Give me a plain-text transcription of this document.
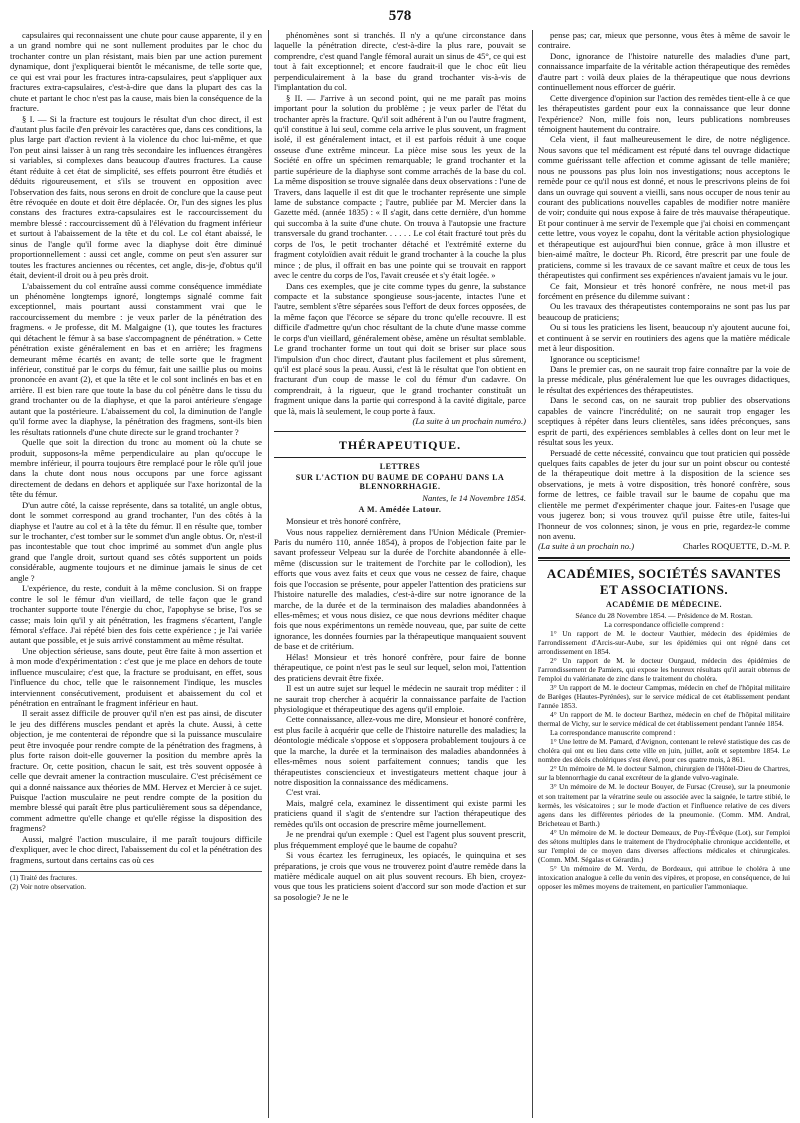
578

capsulaires qui reconnaissent une chute pour cause apparente, il y en a un grand nombre qui ne sont nullement produites par le choc du trochanter contre un plan résistant, mais bien par une action purement dynamique, dont j'expliquerai bientôt le mécanisme, de telle sorte que, ce qui est vrai pour les fractures intra-capsulaires, peut s'appliquer aux fractures extra-capsulaires, c'est-à-dire que dans la plupart des cas la chute et partant le choc n'est pas la cause, mais bien la conséquence de la fracture.

§ I. — Si la fracture est toujours le résultat d'un choc direct, il est d'autant plus facile d'en prévoir les caractères que, dans ces conditions, la plus large part d'action revient à la violence du choc lui-même, et que l'on peut ainsi laisser à un rang très secondaire les influences étrangères si variables, si complexes dans beaucoup d'autres fractures. La cause étant réduite à cet état de simplicité, ses effets pourront être étudiés et déduits rigoureusement, et s'ils se trouvent en opposition avec l'observation des faits, nous serons en droit de conclure que la cause peut être révoquée en doute et doit être déplacée. Or, l'un des signes les plus constans des fractures extra-capsulaires est le raccourcissement du membre blessé : raccourcissement dû à l'élévation du fragment inférieur et surtout à l'abaissement de la tête et du col. Le col étant abaissé, le sinus de l'angle qu'il forme avec la diaphyse doit être diminué proportionnellement : aussi cet angle, comme on peut s'en assurer sur toutes les fractures anciennes ou récentes, cet angle, dis-je, d'obtus qu'il était, devient-il droit ou à peu près droit.

L'abaissement du col entraîne aussi comme conséquence immédiate un phénomène longtemps ignoré, longtemps signalé comme fait exceptionnel, mais pourtant aussi constamment vrai que le raccourcissement du membre : je veux parler de la pénétration des fragmens. « Je professe, dit M. Malgaigne (1), que toutes les fractures qui détachent le fémur à sa base s'accompagnent de pénétration. » Cette pénétration existe généralement en bas et en arrière; les fragmens demeurant même écartés en avant; de telle sorte que le fragment inférieur, constitué par le corps du fémur, fait une saillie plus ou moins prononcée en avant (2), et que la tête et le col sont inclinés en bas et en arrière. Il est bien rare que toute la base du col pénètre dans le tissu du grand trochanter ou de la diaphyse, et que la paroi antérieure s'engage autant que la postérieure. L'abaissement du col, la diminution de l'angle qu'il forme avec la diaphyse, la pénétration des fragmens, sont-ils bien les résultats rationnels d'une chute directe sur le grand trochanter ?

Quelle que soit la direction du tronc au moment où la chute se produit, supposons-la même perpendiculaire au plan qu'occupe le membre inférieur, il pourra toujours être remplacé pour le rôle qu'il joue dans la chute dont nous nous occupons par une force agissant directement de dedans en dehors et appliquée sur l'axe horizontal de la tête du fémur.

D'un autre côté, la caisse représente, dans sa totalité, un angle obtus, dont le sommet correspond au grand trochanter, l'un des côtés à la diaphyse et l'autre au col et à la tête du fémur. Il en résulte que, tomber sur le trochanter, c'est tomber sur le sommet d'un angle obtus. Or, n'est-il pas incontestable que tout choc imprimé au sommet d'un angle plus grand que l'angle droit, surtout quand ses côtés supportent un poids considérable, augmente toujours et ne diminue jamais le sinus de cet angle ?

L'expérience, du reste, conduit à la même conclusion. Si on frappe contre le sol le fémur d'un vieillard, de telle façon que le grand trochanter supporte toute l'énergie du choc, l'apophyse se brise, l'os se casse; mais loin qu'il y ait pénétration, les fragmens s'écartent, l'angle fémoral s'efface. J'ai répété bien des fois cette expérience ; je l'ai variée autant que possible, et je suis arrivé constamment au même résultat.

Une objection sérieuse, sans doute, peut être faite à mon assertion et à mon mode d'expérimentation : c'est que je me place en dehors de toute influence musculaire; c'est que, la fracture se produisant, en effet, sous l'influence du choc, telle que le raisonnement l'indique, les muscles interviennent consécutivement, produisent et abaissement du col et pénétration en entraînant le fragment inférieur en haut.

Il serait assez difficile de prouver qu'il n'en est pas ainsi, de discuter le jeu des différens muscles pendant et après la chute. Aussi, à cette objection, je me contenterai de répondre que si la puissance musculaire peut être invoquée pour rendre compte de la pénétration des fragmens, à plus forte raison doit-elle gouverner la position du membre après la fracture. Or, cette position, chacun le sait, est très souvent opposée à celle que devrait amener la contraction musculaire. C'est précisément ce qui a donné naissance aux théories de MM. Hervez et Mercier à ce sujet. Puisque l'action musculaire ne peut rendre compte de la position du membre blessé qui paraît être plus particulièrement sous sa dépendance, comment admettre qu'elle change et qu'elle régisse la disposition des fragmens?

Aussi, malgré l'action musculaire, il me paraît toujours difficile d'expliquer, avec le choc direct, l'abaissement du col et la pénétration des fragmens, surtout dans certains cas où ces

(1) Traité des fractures.

(2) Voir notre observation.

phénomènes sont si tranchés. Il n'y a qu'une circonstance dans laquelle la pénétration directe, c'est-à-dire la plus rare, pouvait se comprendre, c'est quand l'angle fémoral aurait un sinus de 45°, ce qui est tout à fait exceptionnel; et encore faudrait-il que le choc eût lieu perpendiculairement à la base du grand trochanter vis-à-vis de l'implantation du col.

§ II. — J'arrive à un second point, qui ne me paraît pas moins important pour la solution du problème ; je veux parler de l'état du trochanter après la fracture. Qu'il soit adhérent à l'un ou l'autre fragment, qu'il constitue à lui seul, comme cela arrive le plus souvent, un fragment isolé, il est généralement intact, et il est parfois réduit à une coque osseuse d'une extrême minceur. La pièce mise sous les yeux de la Société en offre un spécimen remarquable; le grand trochanter et la partie supérieure de la diaphyse sont comme arrachés de la base du col. La même disposition se trouve signalée dans deux observations : l'une de Travers, dans laquelle il est dit que le trochanter représente une simple lame de substance compacte ; l'autre, publiée par M. Mercier dans la Gazette méd. (année 1835) : « Il s'agit, dans cette dernière, d'un homme qui succomba à la suite d'une chute. On trouva à l'autopsie une fracture transversale du grand trochanter. . . . . . Le col était fracturé tout près du corps de l'os, le petit trochanter détaché et l'extrémité externe du fragment cotyloïdien avait réduit le grand trochanter à la couche la plus mince ; de plus, il offrait en bas une pointe qui se trouvait en rapport avec le centre du corps de l'os, l'avait creusée et s'y était logée. »

Dans ces exemples, que je cite comme types du genre, la substance compacte et la substance spongieuse sous-jacente, intactes l'une et l'autre, semblent s'être séparées sous l'effort de deux forces opposées, de la même façon que l'écorce se sépare du tronc qu'elle recouvre. Il est difficile d'admettre qu'un choc résultant de la chute d'une masse comme le corps d'un vieillard, généralement obèse, amène un résultat semblable. Le grand trochanter forme un tout qui doit se briser sur place sous l'impulsion d'un choc direct, d'autant plus facilement et plus sûrement, qu'il est placé sous la peau. Aussi, c'est là le résultat que l'on obtient en fracturant d'un coup de masse le col du fémur d'un cadavre. On comprendrait, à la rigueur, que le grand trochanter constituât un fragment unique dans la partie qui correspond à la cavité digitale, parce que là, mais là seulement, le coup porte à faux.

(La suite à un prochain numéro.)

THÉRAPEUTIQUE.
LETTRES
SUR L'ACTION DU BAUME DE COPAHU DANS LA BLENNORRHAGIE.

Nantes, le 14 Novembre 1854.

A M. Amédée Latour.

Monsieur et très honoré confrère,

Vous nous rappeliez dernièrement dans l'Union Médicale (Premier-Paris du numéro 110, année 1854), à propos de l'objection faite par le savant professeur Velpeau sur la durée de l'orchite abandonnée à elle-même (discussion sur le traitement de l'orchite par le collodion), les efforts que vous avez faits et ceux que vous ne cessez de faire, chaque fois que l'occasion se présente, pour appeler l'attention des praticiens sur l'histoire naturelle des maladies, c'est-à-dire sur notre ignorance de la marche, de la durée et de la terminaison des maladies abandonnées à elles-mêmes; et vous nous disiez, ce que nous devrions méditer chaque fois que nous expérimentons un remède nouveau, que, par suite de cette ignorance, les données fournies par la thérapeutique manquaient souvent de base et de critérium.

Hélas! Monsieur et très honoré confrère, pour faire de bonne thérapeutique, ce point n'est pas le seul sur lequel, selon moi, l'attention des praticiens devrait être fixée.

Il est un autre sujet sur lequel le médecin ne saurait trop méditer : il ne saurait trop chercher à acquérir la connaissance parfaite de l'action physiologique et thérapeutique des agens qu'il emploie.

Cette connaissance, allez-vous me dire, Monsieur et honoré confrère, est plus facile à acquérir que celle de l'histoire naturelle des maladies; la déontologie médicale s'oppose et s'opposera probablement toujours à ce que la marche, la durée et la terminaison des maladies abandonnées à elles-mêmes nous soient parfaitement connues; tandis que les thérapeutistes consciencieux et investigateurs mettent chaque jour à notre disposition la connaissance des médicamens.

C'est vrai.

Mais, malgré cela, examinez le dissentiment qui existe parmi les praticiens quand il s'agit de s'entendre sur l'action thérapeutique des remèdes qu'ils ont occasion de prescrire même journellement.

Je ne prendrai qu'un exemple : Quel est l'agent plus souvent prescrit, plus fréquemment employé que le baume de copahu?

Si vous écartez les ferrugineux, les opiacés, le quinquina et ses préparations, je crois que vous ne trouverez point d'autre remède dans la matière médicale auquel on ait plus souvent recours. Eh bien, croyez-vous que tous les praticiens soient d'accord sur son mode d'action et sur sa posologie? Je ne le

pense pas; car, mieux que personne, vous êtes à même de savoir le contraire.

Donc, ignorance de l'histoire naturelle des maladies d'une part, connaissance imparfaite de la véritable action thérapeutique des remèdes d'autre part : voilà deux plaies de la thérapeutique que nous devrions continuellement nous efforcer de guérir.

Cette divergence d'opinion sur l'action des remèdes tient-elle à ce que les thérapeutistes gardent pour eux la connaissance que leur donne l'expérience? Non, mille fois non, leurs publications nombreuses témoignent hautement du contraire.

Cela vient, il faut malheureusement le dire, de notre négligence. Nous savons que tel médicament est réputé dans tel ouvrage didactique comme guérissant telle affection et comme agissant de telle manière; nous ne poussons pas plus loin nos investigations; nous acceptons le remède pour ce qu'il nous est donné, et nous le prescrivons pleins de foi dans un ouvrage qui souvent a vieilli, sans nous occuper de nous tenir au courant des publications nouvelles capables de modifier notre manière de voir; conduite qui nous expose à faire de très mauvaise thérapeutique. Et pour continuer à me servir de l'exemple que j'ai choisi en commençant cette lettre, vous voyez le copahu, dont la véritable action physiologique et thérapeutique est aujourd'hui bien connue, grâce à mon illustre et bien-aimé maître, le docteur Ph. Ricord, être prescrit par une foule de praticiens, comme si les travaux de ce savant maître et ceux de tous les thérapeutistes qui confirment ses expériences n'avaient jamais vu le jour.

Ce fait, Monsieur et très honoré confrère, ne nous met-il pas forcément en présence du dilemme suivant :

Ou les travaux des thérapeutistes contemporains ne sont pas lus par beaucoup de praticiens;

Ou si tous les praticiens les lisent, beaucoup n'y ajoutent aucune foi, et continuent à se servir en routiniers des agens que la matière médicale met à leur disposition.

Ignorance ou scepticisme!

Dans le premier cas, on ne saurait trop faire connaître par la voie de la presse médicale, plus généralement lue que les ouvrages didactiques, le résultat des expériences des thérapeutistes.

Dans le second cas, on ne saurait trop publier des observations capables de vaincre l'incrédulité; on ne saurait trop engager les sceptiques à répéter dans leurs clientèles, sans idées préconçues, sans esprit de parti, des expériences semblables à celles dont on leur met le résultat sous les yeux.

Persuadé de cette nécessité, convaincu que tout praticien qui possède quelques faits capables de jeter du jour sur un point obscur ou contesté de la thérapeutique doit mettre à la disposition de la science ses observations, je mets à votre disposition, très honoré confrère, sous forme de lettres, ce faible travail sur le baume de copahu que ma clientèle me permet d'expérimenter chaque jour. Faites-en l'usage que vous jugerez bon; si vous trouvez qu'il puisse être utile, faites-lui l'honneur de vos colonnes; sinon, je vous en prie, regardez-le comme non avenu.

(La suite à un prochain no.)	Charles ROQUETTE, D.-M. P.

ACADÉMIES, SOCIÉTÉS SAVANTES ET ASSOCIATIONS.
ACADÉMIE DE MÉDECINE.

Séance du 28 Novembre 1854. — Présidence de M. Rostan.

La correspondance officielle comprend :

1° Un rapport de M. le docteur Vauthier, médecin des épidémies de l'arrondissement d'Arcis-sur-Aube, sur les épidémies qui ont régné dans cet arrondissement en 1854.

2° Un rapport de M. le docteur Ourgaud, médecin des épidémies de l'arrondissement de Pamiers, qui expose les heureux résultats qu'il aurait obtenus de l'emploi du valérianate de zinc dans le traitement du choléra.

3° Un rapport de M. le docteur Campmas, médecin en chef de l'hôpital militaire de Barèges (Hautes-Pyrénées), sur le service médical de cet établissement pendant l'année 1853.

4° Un rapport de M. le docteur Barthez, médecin en chef de l'hôpital militaire thermal de Vichy, sur le service médical de cet établissement pendant l'année 1854.

La correspondance manuscrite comprend :

1° Une lettre de M. Pamard, d'Avignon, contenant le relevé statistique des cas de choléra qui ont eu lieu dans cette ville en juin, juillet, août et septembre 1854. Le nombre des décès cholériques s'est élevé, pour ces quatre mois, à 861.

2° Un mémoire de M. le docteur Salmon, chirurgien de l'Hôtel-Dieu de Chartres, sur la blennorrhagie du canal excréteur de la glande vulvo-vaginale.

3° Un mémoire de M. le docteur Bouyer, de Fursac (Creuse), sur la pneumonie et son traitement par la vératrine seule ou associée avec la saignée, le tartre stibié, le kermès, les vésicatoires ; sur le mode d'action et l'influence relative de ces divers agens dans les différentes périodes de la pneumonie. (Comm. MM. Andral, Bricheteau et Barth.)

4° Un mémoire de M. le docteur Demeaux, de Puy-l'Évêque (Lot), sur l'emploi des sétons multiples dans le traitement de l'hydrocéphalie chronique accidentelle, et sur l'emploi de ce moyen dans diverses affections médicales et chirurgicales. (Comm. MM. Ségalas et Gérardin.)

5° Un mémoire de M. Verdu, de Bordeaux, qui attribue le choléra à une intoxication analogue à celle du venin des vipères, et propose, en conséquence, de lui opposer les mêmes moyens de traitement, en particulier l'ammoniaque.
